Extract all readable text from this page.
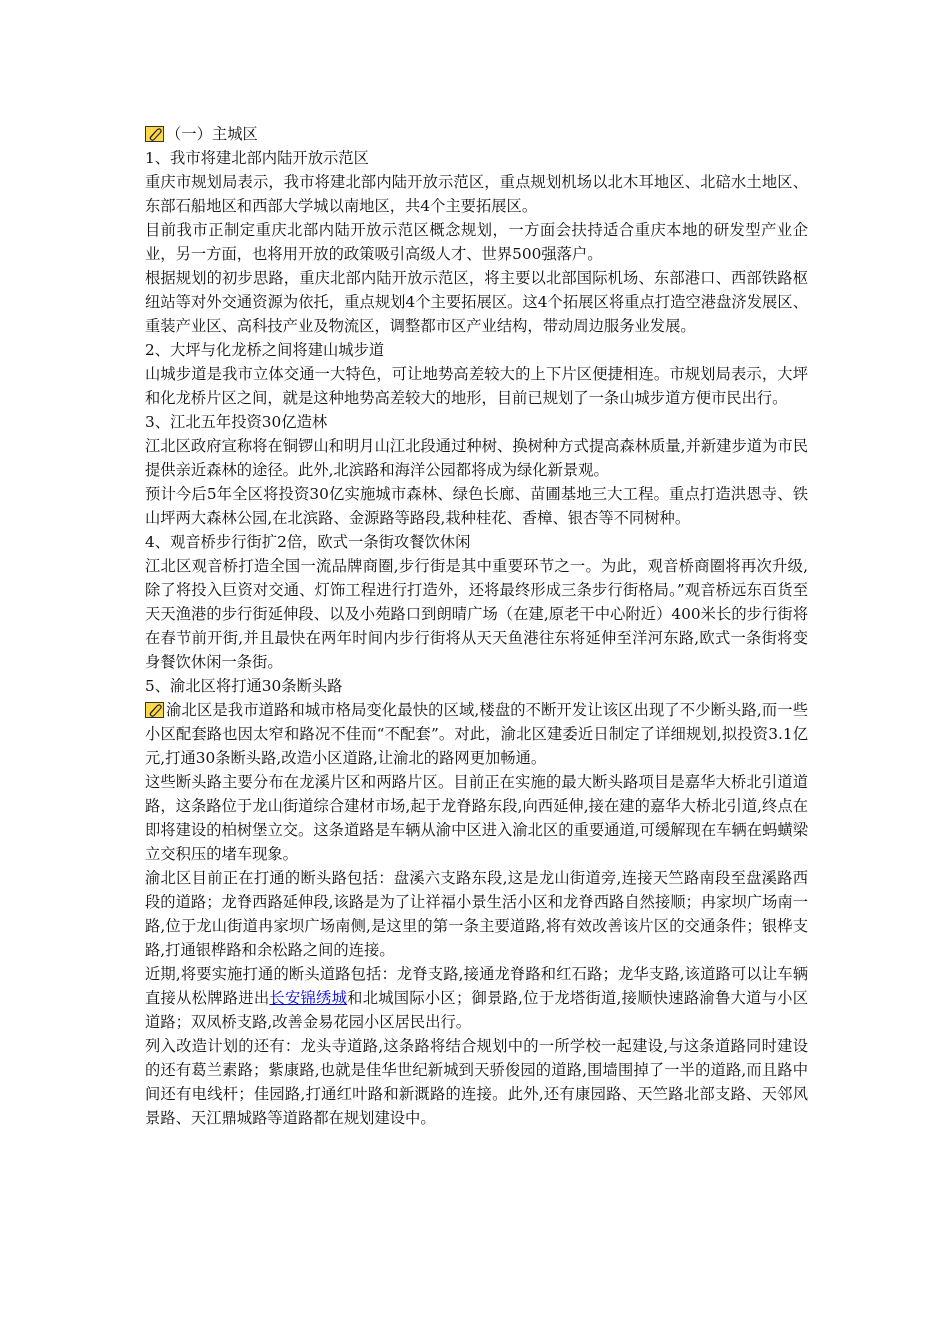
（一）主城区

1、我市将建北部内陆开放示范区

重庆市规划局表示，我市将建北部内陆开放示范区，重点规划机场以北木耳地区、北碚水土地区、东部石船地区和西部大学城以南地区，共4个主要拓展区。

目前我市正制定重庆北部内陆开放示范区概念规划，一方面会扶持适合重庆本地的研发型产业企业，另一方面，也将用开放的政策吸引高级人才、世界500强落户。

根据规划的初步思路，重庆北部内陆开放示范区，将主要以北部国际机场、东部港口、西部铁路枢纽站等对外交通资源为依托，重点规划4个主要拓展区。这4个拓展区将重点打造空港盘济发展区、重装产业区、高科技产业及物流区，调整都市区产业结构，带动周边服务业发展。

2、大坪与化龙桥之间将建山城步道

山城步道是我市立体交通一大特色，可让地势高差较大的上下片区便捷相连。市规划局表示，大坪和化龙桥片区之间，就是这种地势高差较大的地形，目前已规划了一条山城步道方便市民出行。

3、江北五年投资30亿造林

江北区政府宣称将在铜锣山和明月山江北段通过种树、换树种方式提高森林质量,并新建步道为市民提供亲近森林的途径。此外,北滨路和海洋公园都将成为绿化新景观。

预计今后5年全区将投资30亿实施城市森林、绿色长廊、苗圃基地三大工程。重点打造洪恩寺、铁山坪两大森林公园,在北滨路、金源路等路段,栽种桂花、香樟、银杏等不同树种。

4、观音桥步行街扩2倍，欧式一条街攻餐饮休闲

江北区观音桥打造全国一流品牌商圈,步行街是其中重要环节之一。为此，观音桥商圈将再次升级,除了将投入巨资对交通、灯饰工程进行打造外，还将最终形成三条步行街格局。”观音桥远东百货至天天渔港的步行街延伸段、以及小苑路口到朗晴广场（在建,原老干中心附近）400米长的步行街将在春节前开街,并且最快在两年时间内步行街将从天天鱼港往东将延伸至洋河东路,欧式一条街将变身餐饮休闲一条街。

5、渝北区将打通30条断头路

渝北区是我市道路和城市格局变化最快的区域,楼盘的不断开发让该区出现了不少断头路,而一些小区配套路也因太窄和路况不佳而“不配套”。对此，渝北区建委近日制定了详细规划,拟投资3.1亿元,打通30条断头路,改造小区道路,让渝北的路网更加畅通。

这些断头路主要分布在龙溪片区和两路片区。目前正在实施的最大断头路项目是嘉华大桥北引道道路，这条路位于龙山街道综合建材市场,起于龙脊路东段,向西延伸,接在建的嘉华大桥北引道,终点在即将建设的柏树堡立交。这条道路是车辆从渝中区进入渝北区的重要通道,可缓解现在车辆在蚂蟥梁立交积压的堵车现象。

渝北区目前正在打通的断头路包括：盘溪六支路东段,这是龙山街道旁,连接天竺路南段至盘溪路西段的道路；龙脊西路延伸段,该路是为了让祥福小景生活小区和龙脊西路自然接顺；冉家坝广场南一路,位于龙山街道冉家坝广场南侧,是这里的第一条主要道路,将有效改善该片区的交通条件；银桦支路,打通银桦路和余松路之间的连接。

近期,将要实施打通的断头道路包括：龙脊支路,接通龙脊路和红石路；龙华支路,该道路可以让车辆直接从松牌路进出长安锦绣城和北城国际小区；御景路,位于龙塔街道,接顺快速路渝鲁大道与小区道路；双凤桥支路,改善金易花园小区居民出行。

列入改造计划的还有：龙头寺道路,这条路将结合规划中的一所学校一起建设,与这条道路同时建设的还有葛兰素路；紫康路,也就是佳华世纪新城到天骄俊园的道路,围墙围掉了一半的道路,而且路中间还有电线杆；佳园路,打通红叶路和新溉路的连接。此外,还有康园路、天竺路北部支路、天邻风景路、天江鼎城路等道路都在规划建设中。
